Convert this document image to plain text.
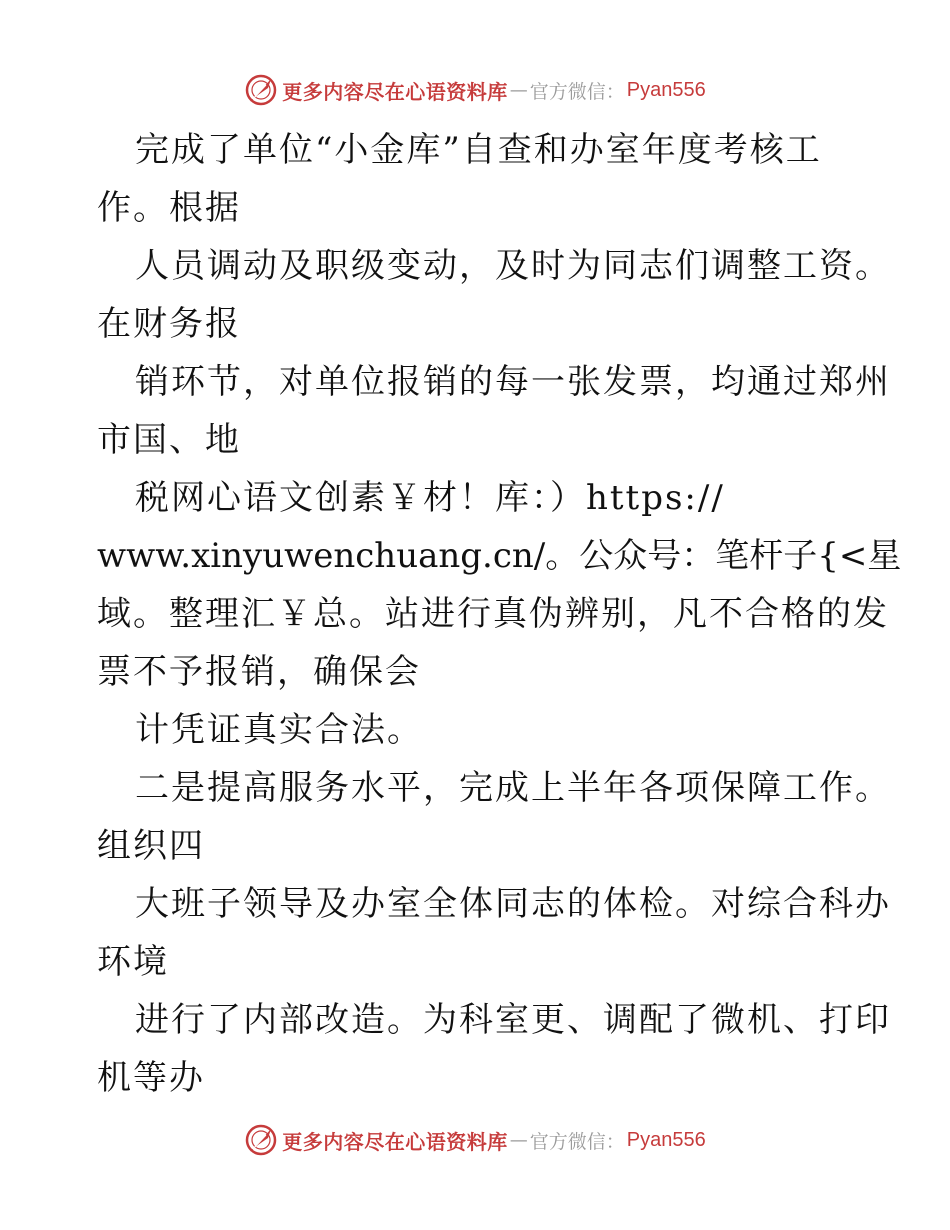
更多内容尽在心语资料库 — 官方微信： Pyan556
完成了单位“小金库”自查和办室年度考核工
作。根据
人员调动及职级变动，及时为同志们调整工资。
在财务报
销环节，对单位报销的每一张发票，均通过郑州
市国、地
税网心语文创素￥材！库：）https://
www.xinyuwenchuang.cn/。公众号：笔杆子{<星
域。整理汇￥总。站进行真伪辨别，凡不合格的发
票不予报销，确保会
计凭证真实合法。
二是提高服务水平，完成上半年各项保障工作。
组织四
大班子领导及办室全体同志的体检。对综合科办
环境
进行了内部改造。为科室更、调配了微机、打印
机等办
更多内容尽在心语资料库 — 官方微信： Pyan556
